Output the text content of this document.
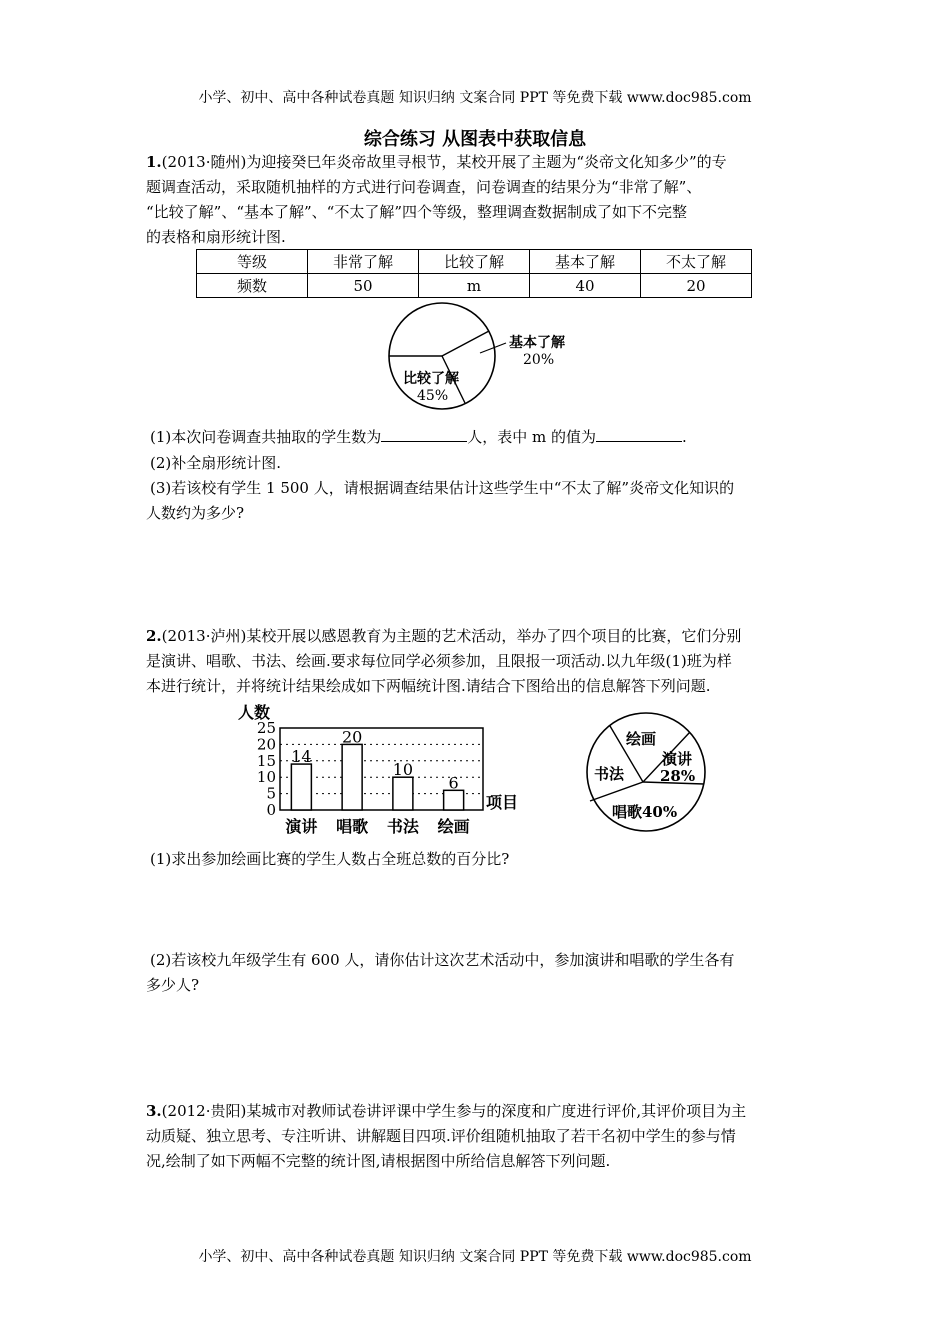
小学、初中、高中各种试卷真题 知识归纳 文案合同 PPT 等免费下载 www.doc985.com
综合练习 从图表中获取信息
1.(2013·随州)为迎接癸巳年炎帝故里寻根节，某校开展了主题为“炎帝文化知多少”的专
题调查活动，采取随机抽样的方式进行问卷调查，问卷调查的结果分为“非常了解”、
“比较了解”、“基本了解”、“不太了解”四个等级，整理调查数据制成了如下不完整
的表格和扇形统计图.
等级	非常了解	比较了解	基本了解	不太了解
频数	50	m	40	20
基本了解
20%
比较了解
45%
(1)本次问卷调查共抽取的学生数为	人，表中 m 的值为	.
(2)补全扇形统计图.
(3)若该校有学生 1 500 人，请根据调查结果估计这些学生中“不太了解”炎帝文化知识的
人数约为多少?
2.(2013·泸州)某校开展以感恩教育为主题的艺术活动，举办了四个项目的比赛，它们分别
是演讲、唱歌、书法、绘画.要求每位同学必须参加，且限报一项活动.以九年级(1)班为样
本进行统计，并将统计结果绘成如下两幅统计图.请结合下图给出的信息解答下列问题.
人数
0
5
10
15
20
25
14
演讲
20
唱歌
10
书法
6
绘画
项目
绘画
演讲
28%
书法
唱歌40%
(1)求出参加绘画比赛的学生人数占全班总数的百分比?
(2)若该校九年级学生有 600 人，请你估计这次艺术活动中，参加演讲和唱歌的学生各有
多少人?
3.(2012·贵阳)某城市对教师试卷讲评课中学生参与的深度和广度进行评价,其评价项目为主
动质疑、独立思考、专注听讲、讲解题目四项.评价组随机抽取了若干名初中学生的参与情
况,绘制了如下两幅不完整的统计图,请根据图中所给信息解答下列问题.
小学、初中、高中各种试卷真题 知识归纳 文案合同 PPT 等免费下载 www.doc985.com
